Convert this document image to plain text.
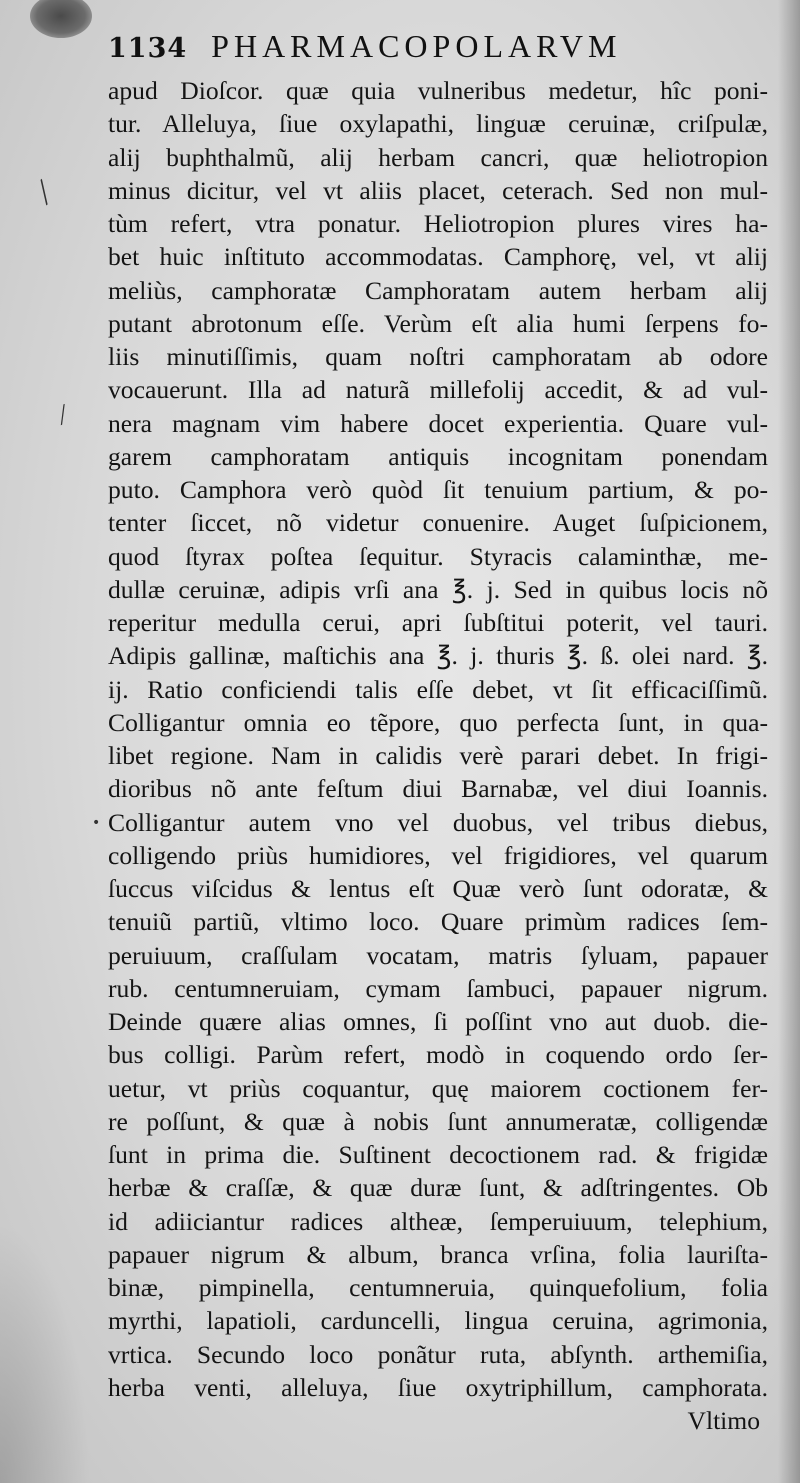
1134 PHARMACOPOLARVM
apud Dioſcor. quæ quia vulneribus medetur, hîc poni-
tur. Alleluya, ſiue oxylapathi, linguæ ceruinæ, criſpulæ,
alij buphthalmũ, alij herbam cancri, quæ heliotropion
minus dicitur, vel vt aliis placet, ceterach. Sed non mul-
tùm refert, vtra ponatur. Heliotropion plures vires ha-
bet huic inſtituto accommodatas. Camphorę, vel, vt alij
meliùs, camphoratæ Camphoratam autem herbam alij
putant abrotonum eſſe. Verùm eſt alia humi ſerpens fo-
liis minutiſſimis, quam noſtri camphoratam ab odore
vocauerunt. Illa ad naturã millefolij accedit, & ad vul-
nera magnam vim habere docet experientia. Quare vul-
garem camphoratam antiquis incognitam ponendam
puto. Camphora verò quòd ſit tenuium partium, & po-
tenter ſiccet, nõ videtur conuenire. Auget ſuſpicionem,
quod ſtyrax poſtea ſequitur. Styracis calaminthæ, me-
dullæ ceruinæ, adipis vrſi ana ℥. j. Sed in quibus locis nõ
reperitur medulla cerui, apri ſubſtitui poterit, vel tauri.
Adipis gallinæ, maſtichis ana ℥. j. thuris ℥. ß. olei nard. ℥.
ij. Ratio conficiendi talis eſſe debet, vt ſit efficaciſſimũ.
Colligantur omnia eo tẽpore, quo perfecta ſunt, in qua-
libet regione. Nam in calidis verè parari debet. In frigi-
dioribus nõ ante feſtum diui Barnabæ, vel diui Ioannis.
Colligantur autem vno vel duobus, vel tribus diebus,
colligendo priùs humidiores, vel frigidiores, vel quarum
ſuccus viſcidus & lentus eſt Quæ verò ſunt odoratæ, &
tenuiũ partiũ, vltimo loco. Quare primùm radices ſem-
peruiuum, craſſulam vocatam, matris ſyluam, papauer
rub. centumneruiam, cymam ſambuci, papauer nigrum.
Deinde quære alias omnes, ſi poſſint vno aut duob. die-
bus colligi. Parùm refert, modò in coquendo ordo ſer-
uetur, vt priùs coquantur, quę maiorem coctionem fer-
re poſſunt, & quæ à nobis ſunt annumeratæ, colligendæ
ſunt in prima die. Suſtinent decoctionem rad. & frigidæ
herbæ & craſſæ, & quæ duræ ſunt, & adſtringentes. Ob
id adiiciantur radices altheæ, ſemperuiuum, telephium,
papauer nigrum & album, branca vrſina, folia lauriſta-
binæ, pimpinella, centumneruia, quinquefolium, folia
myrthi, lapatioli, carduncelli, lingua ceruina, agrimonia,
vrtica. Secundo loco ponãtur ruta, abſynth. arthemiſia,
herba venti, alleluya, ſiue oxytriphillum, camphorata.
Vltimo
╱
╱
•
